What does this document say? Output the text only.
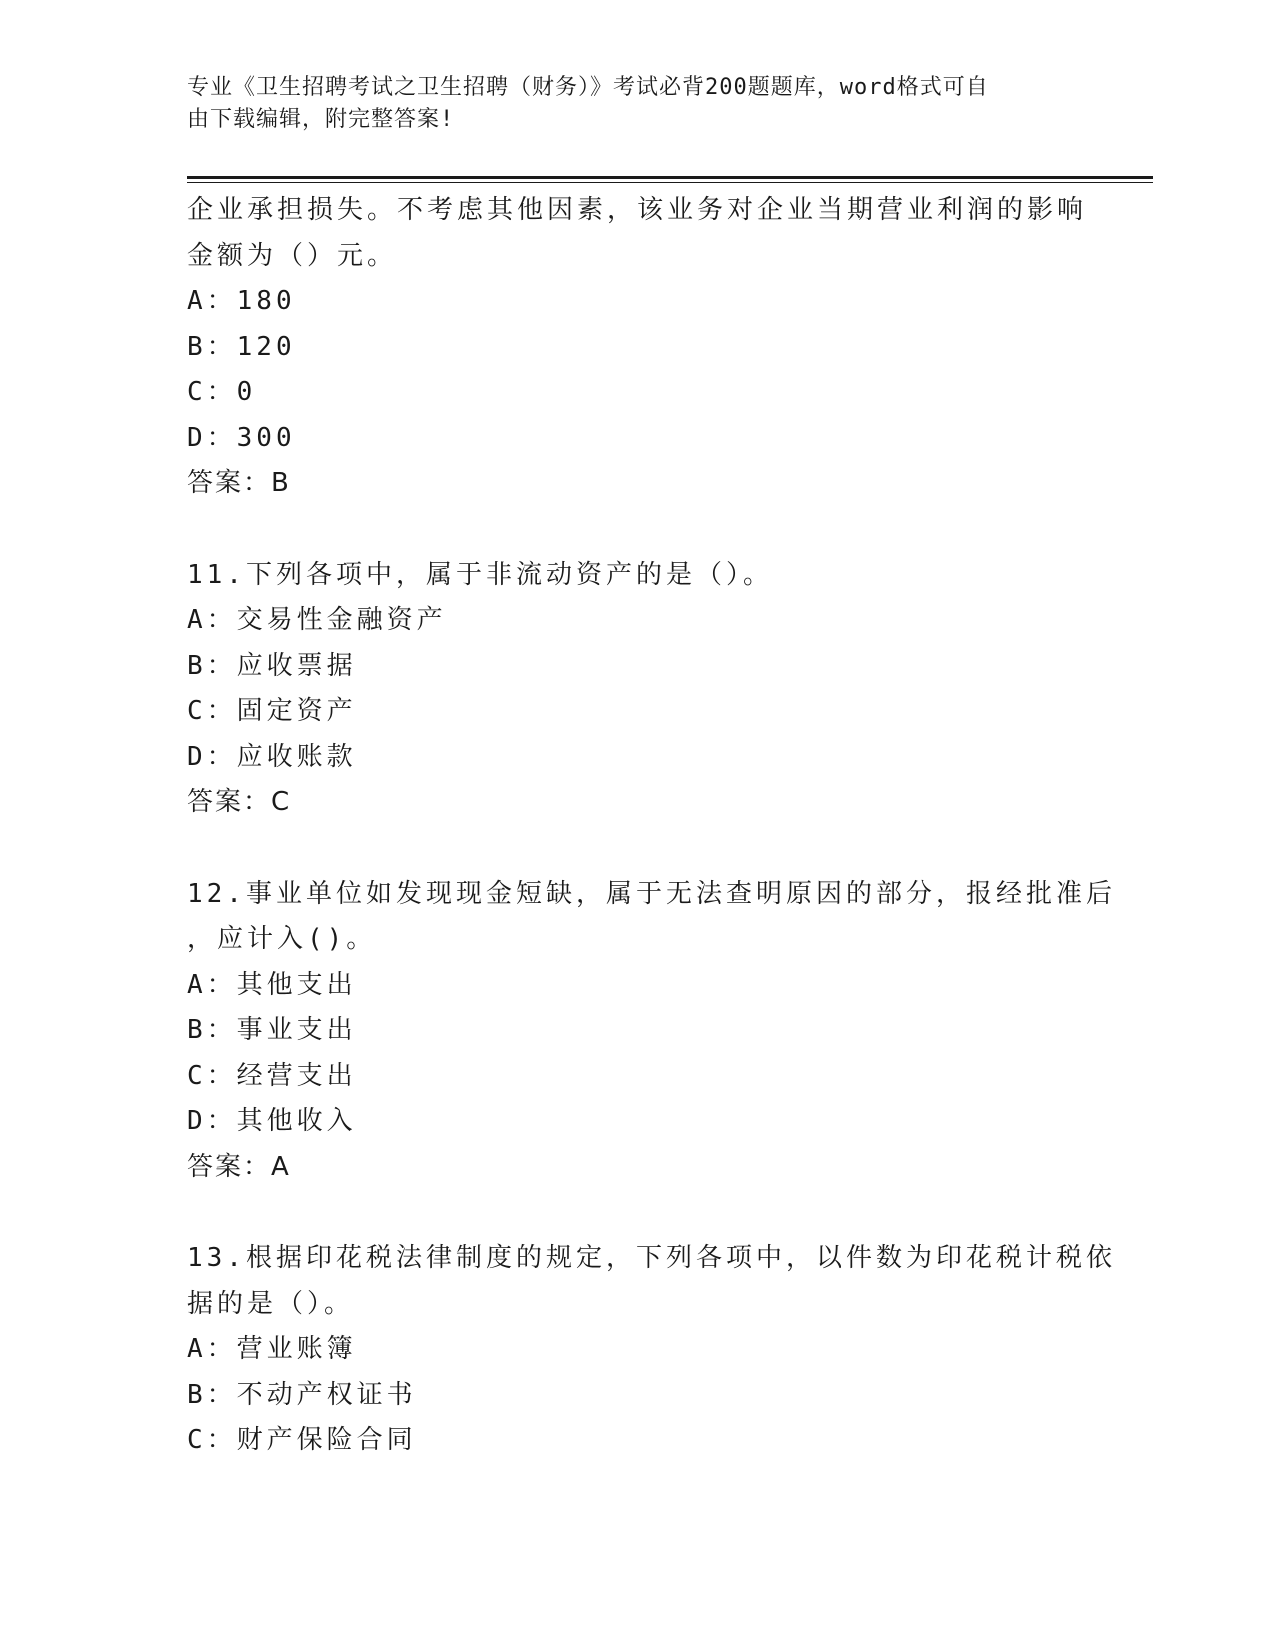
专业《卫生招聘考试之卫生招聘（财务）》考试必背200题题库，word格式可自
由下载编辑，附完整答案!
企业承担损失。不考虑其他因素，该业务对企业当期营业利润的影响
金额为（）元。
A：180
B：120
C：0
D：300
答案：B
11.下列各项中，属于非流动资产的是（）。
A：交易性金融资产
B：应收票据
C：固定资产
D：应收账款
答案：C
12.事业单位如发现现金短缺，属于无法查明原因的部分，报经批准后
，应计入()。
A：其他支出
B：事业支出
C：经营支出
D：其他收入
答案：A
13.根据印花税法律制度的规定，下列各项中，以件数为印花税计税依
据的是（）。
A：营业账簿
B：不动产权证书
C：财产保险合同
